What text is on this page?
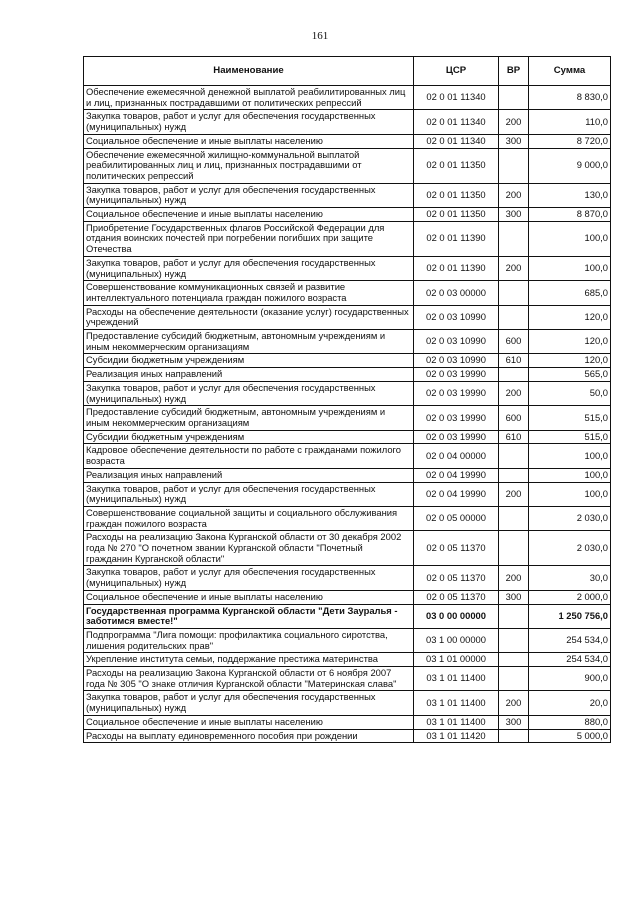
161
Наименование	ЦСР	ВР	Сумма
Обеспечение ежемесячной денежной выплатой реабилитированных лиц и лиц, признанных пострадавшими от политических репрессий	02 0 01 11340		8 830,0
Закупка товаров, работ и услуг для обеспечения государственных (муниципальных) нужд	02 0 01 11340	200	110,0
Социальное обеспечение и иные выплаты населению	02 0 01 11340	300	8 720,0
Обеспечение ежемесячной жилищно-коммунальной выплатой реабилитированных лиц и лиц, признанных пострадавшими от политических репрессий	02 0 01 11350		9 000,0
Закупка товаров, работ и услуг для обеспечения государственных (муниципальных) нужд	02 0 01 11350	200	130,0
Социальное обеспечение и иные выплаты населению	02 0 01 11350	300	8 870,0
Приобретение Государственных флагов Российской Федерации для отдания воинских почестей при погребении погибших при защите Отечества	02 0 01 11390		100,0
Закупка товаров, работ и услуг для обеспечения государственных (муниципальных) нужд	02 0 01 11390	200	100,0
Совершенствование коммуникационных связей и развитие интеллектуального потенциала граждан пожилого возраста	02 0 03 00000		685,0
Расходы на обеспечение деятельности (оказание услуг) государственных учреждений	02 0 03 10990		120,0
Предоставление субсидий бюджетным, автономным учреждениям и иным некоммерческим организациям	02 0 03 10990	600	120,0
Субсидии бюджетным учреждениям	02 0 03 10990	610	120,0
Реализация иных направлений	02 0 03 19990		565,0
Закупка товаров, работ и услуг для обеспечения государственных (муниципальных) нужд	02 0 03 19990	200	50,0
Предоставление субсидий бюджетным, автономным учреждениям и иным некоммерческим организациям	02 0 03 19990	600	515,0
Субсидии бюджетным учреждениям	02 0 03 19990	610	515,0
Кадровое обеспечение деятельности по работе с гражданами пожилого возраста	02 0 04 00000		100,0
Реализация иных направлений	02 0 04 19990		100,0
Закупка товаров, работ и услуг для обеспечения государственных (муниципальных) нужд	02 0 04 19990	200	100,0
Совершенствование социальной защиты и социального обслуживания граждан пожилого возраста	02 0 05 00000		2 030,0
Расходы на реализацию Закона Курганской области от 30 декабря 2002 года № 270 "О почетном звании Курганской области "Почетный гражданин Курганской области"	02 0 05 11370		2 030,0
Закупка товаров, работ и услуг для обеспечения государственных (муниципальных) нужд	02 0 05 11370	200	30,0
Социальное обеспечение и иные выплаты населению	02 0 05 11370	300	2 000,0
Государственная программа Курганской области "Дети Зауралья - заботимся вместе!"	03 0 00 00000		1 250 756,0
Подпрограмма "Лига помощи: профилактика социального сиротства, лишения родительских прав"	03 1 00 00000		254 534,0
Укрепление института семьи, поддержание престижа материнства	03 1 01 00000		254 534,0
Расходы на реализацию Закона Курганской области от 6 ноября 2007 года № 305 "О знаке отличия Курганской области "Материнская слава"	03 1 01 11400		900,0
Закупка товаров, работ и услуг для обеспечения государственных (муниципальных) нужд	03 1 01 11400	200	20,0
Социальное обеспечение и иные выплаты населению	03 1 01 11400	300	880,0
Расходы на выплату единовременного пособия при рождении	03 1 01 11420		5 000,0
